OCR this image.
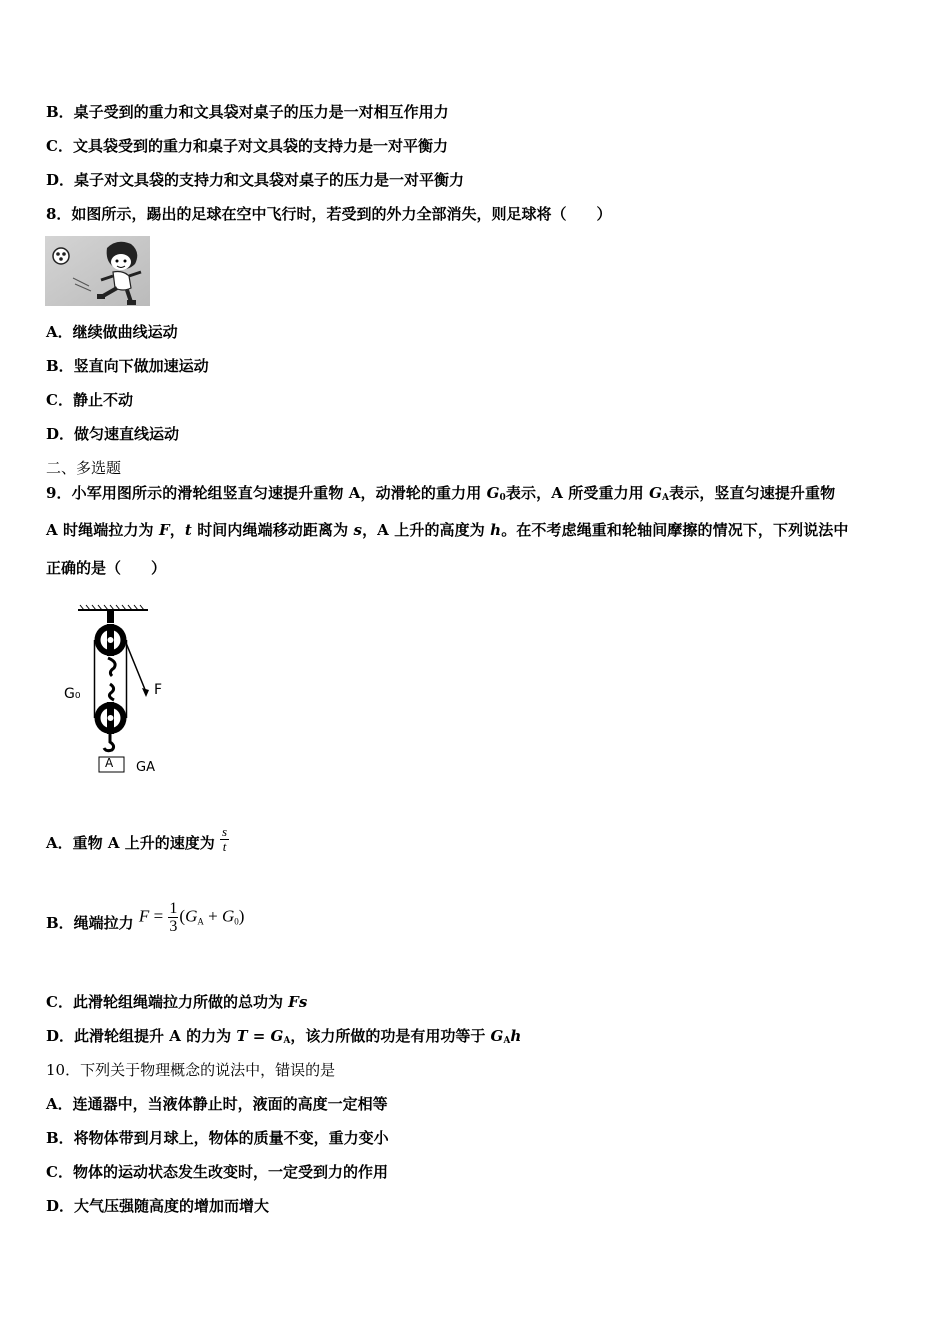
B．桌子受到的重力和文具袋对桌子的压力是一对相互作用力
C．文具袋受到的重力和桌子对文具袋的支持力是一对平衡力
D．桌子对文具袋的支持力和文具袋对桌子的压力是一对平衡力
8．如图所示，踢出的足球在空中飞行时，若受到的外力全部消失，则足球将（　　）
A．继续做曲线运动
B．竖直向下做加速运动
C．静止不动
D．做匀速直线运动
二、多选题
9．小军用图所示的滑轮组竖直匀速提升重物 A，动滑轮的重力用 $G_0$表示，A 所受重力用 $G_A$表示，竖直匀速提升重物
A 时绳端拉力为 F，t 时间内绳端移动距离为 s，A 上升的高度为 h。在不考虑绳重和轮轴间摩擦的情况下，下列说法中
正确的是（　　）
G₀	F
A GA
A．重物 A 上升的速度为 $\frac{s}{t}$
B．绳端拉力 $F = \frac{1}{3} (GA + G0)$
C．此滑轮组绳端拉力所做的总功为 Fs
D．此滑轮组提升 A 的力为 $T = G_A$，该力所做的功是有用功等于 $G_Ah$
10．下列关于物理概念的说法中，错误的是
A．连通器中，当液体静止时，液面的高度一定相等
B．将物体带到月球上，物体的质量不变，重力变小
C．物体的运动状态发生改变时，一定受到力的作用
D．大气压强随高度的增加而增大
